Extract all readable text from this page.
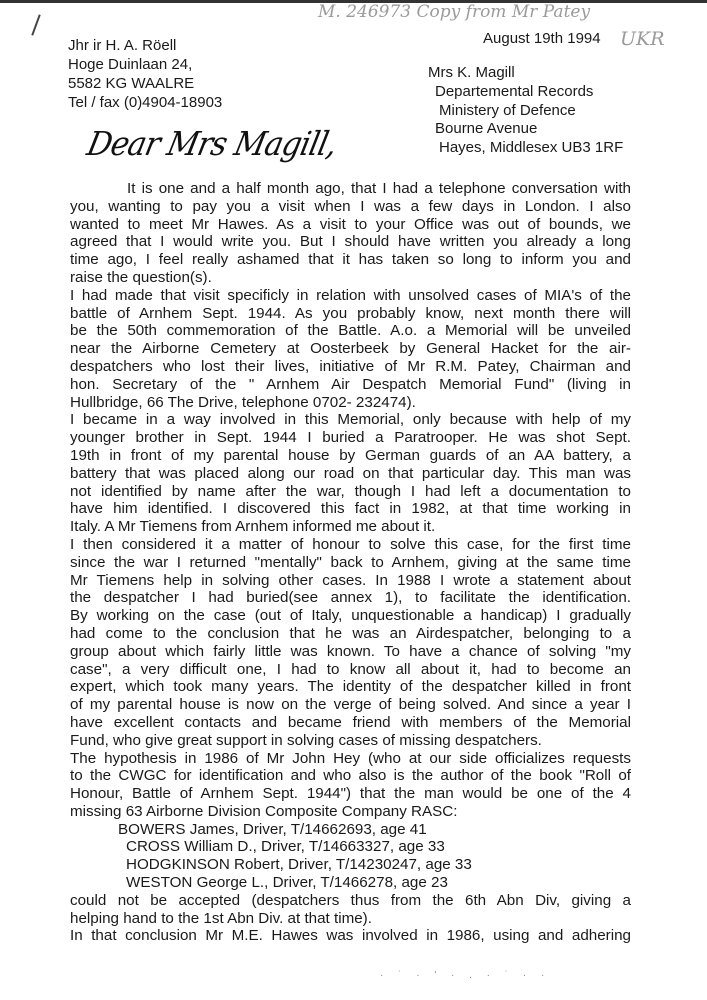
M. 246973 Copy from Mr Patey
UKR
Jhr ir H. A. Röell
Hoge Duinlaan 24,
5582 KG WAALRE
Tel / fax (0)4904-18903
August 19th 1994
Mrs K. Magill
Departemental Records
Ministery of Defence
Bourne Avenue
Hayes, Middlesex UB3 1RF
Dear Mrs Magill,
It is one and a half month ago, that I had a telephone conversation with
you, wanting to pay you a visit when I was a few days in London. I also
wanted to meet Mr Hawes. As a visit to your Office was out of bounds, we
agreed that I would write you. But I should have written you already a long
time ago, I feel really ashamed that it has taken so long to inform you and
raise the question(s).
I had made that visit specificly in relation with unsolved cases of MIA's of the
battle of Arnhem Sept. 1944. As you probably know, next month there will
be the 50th commemoration of the Battle. A.o. a Memorial will be unveiled
near the Airborne Cemetery at Oosterbeek by General Hacket for the air-
despatchers who lost their lives, initiative of Mr R.M. Patey, Chairman and
hon. Secretary of the " Arnhem Air Despatch Memorial Fund" (living in
Hullbridge, 66 The Drive, telephone 0702- 232474).
I became in a way involved in this Memorial, only because with help of my
younger brother in Sept. 1944 I buried a Paratrooper. He was shot Sept.
19th in front of my parental house by German guards of an AA battery, a
battery that was placed along our road on that particular day. This man was
not identified by name after the war, though I had left a documentation to
have him identified. I discovered this fact in 1982, at that time working in
Italy. A Mr Tiemens from Arnhem informed me about it.
I then considered it a matter of honour to solve this case, for the first time
since the war I returned "mentally" back to Arnhem, giving at the same time
Mr Tiemens help in solving other cases. In 1988 I wrote a statement about
the despatcher I had buried(see annex 1), to facilitate the identification.
By working on the case (out of Italy, unquestionable a handicap) I gradually
had come to the conclusion that he was an Airdespatcher, belonging to a
group about which fairly little was known. To have a chance of solving "my
case", a very difficult one, I had to know all about it, had to become an
expert, which took many years. The identity of the despatcher killed in front
of my parental house is now on the verge of being solved. And since a year I
have excellent contacts and became friend with members of the Memorial
Fund, who give great support in solving cases of missing despatchers.
The hypothesis in 1986 of Mr John Hey (who at our side officializes requests
to the CWGC for identification and who also is the author of the book "Roll of
Honour, Battle of Arnhem Sept. 1944") that the man would be one of the 4
missing 63 Airborne Division Composite Company RASC:
BOWERS James, Driver, T/14662693, age 41
CROSS William D., Driver, T/14663327, age 33
HODGKINSON Robert, Driver, T/14230247, age 33
WESTON George L., Driver, T/1466278, age 23
could not be accepted (despatchers thus from the 6th Abn Div, giving a
helping hand to the 1st Abn Div. at that time).
In that conclusion Mr M.E. Hawes was involved in 1986, using and adhering
· ˙ · ' · . · ˙ · ·
